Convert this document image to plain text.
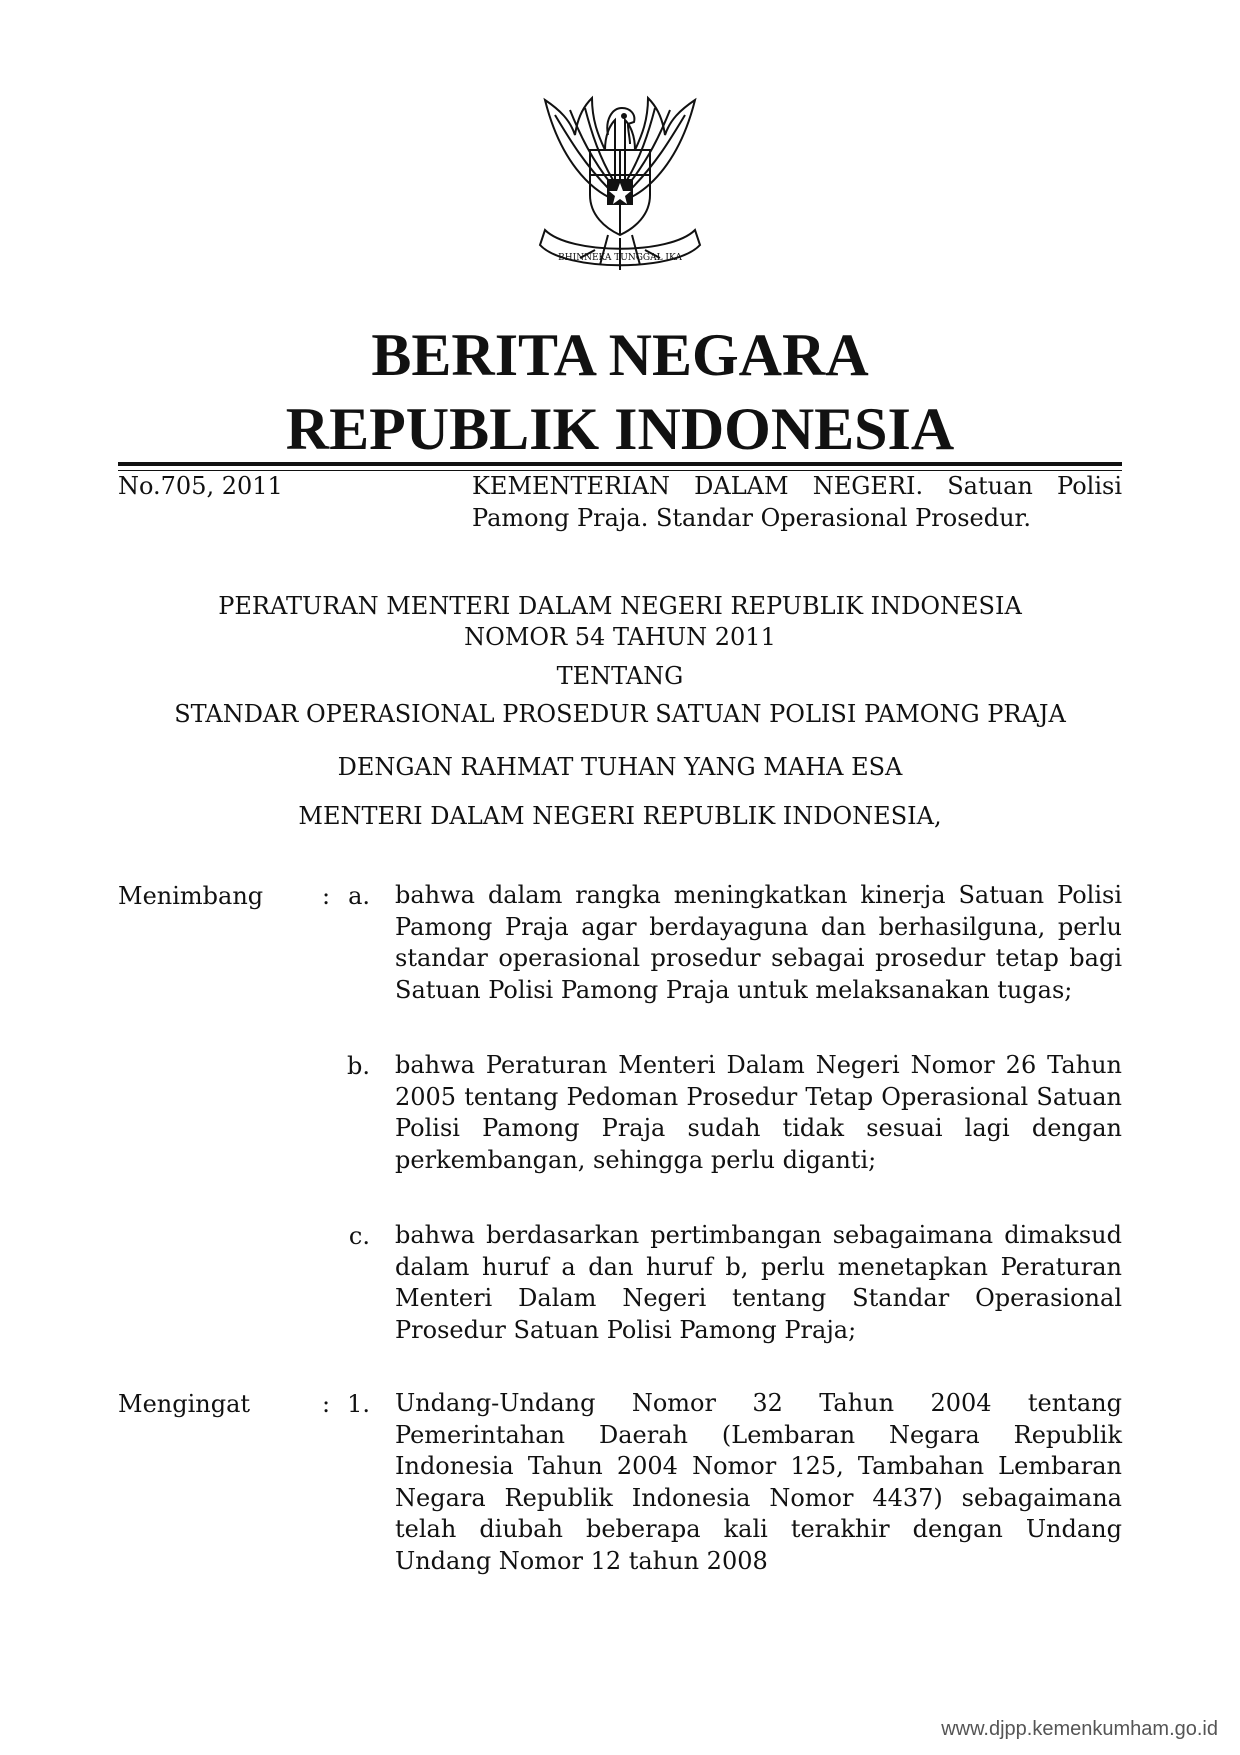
BHINNEKA TUNGGAL IKA
BERITA NEGARA
REPUBLIK INDONESIA
No.705, 2011	KEMENTERIAN DALAM NEGERI. Satuan Polisi
Pamong Praja. Standar Operasional Prosedur.
PERATURAN MENTERI DALAM NEGERI REPUBLIK INDONESIA
NOMOR 54 TAHUN 2011
TENTANG
STANDAR OPERASIONAL PROSEDUR SATUAN POLISI PAMONG PRAJA
DENGAN RAHMAT TUHAN YANG MAHA ESA
MENTERI DALAM NEGERI REPUBLIK INDONESIA,
Menimbang : a. bahwa dalam rangka meningkatkan kinerja Satuan Polisi Pamong Praja agar berdayaguna dan berhasilguna, perlu standar operasional prosedur sebagai prosedur tetap bagi Satuan Polisi Pamong Praja untuk melaksanakan tugas;
b. bahwa Peraturan Menteri Dalam Negeri Nomor 26 Tahun 2005 tentang Pedoman Prosedur Tetap Operasional Satuan Polisi Pamong Praja sudah tidak sesuai lagi dengan perkembangan, sehingga perlu diganti;
c. bahwa berdasarkan pertimbangan sebagaimana dimaksud dalam huruf a dan huruf b, perlu menetapkan Peraturan Menteri Dalam Negeri tentang Standar Operasional Prosedur Satuan Polisi Pamong Praja;
Mengingat	: 1. Undang-Undang Nomor 32 Tahun 2004 tentang Pemerintahan Daerah (Lembaran Negara Republik Indonesia Tahun 2004 Nomor 125, Tambahan Lembaran Negara Republik Indonesia Nomor 4437) sebagaimana telah diubah beberapa kali terakhir dengan Undang Undang Nomor 12 tahun 2008
www.djpp.kemenkumham.go.id
